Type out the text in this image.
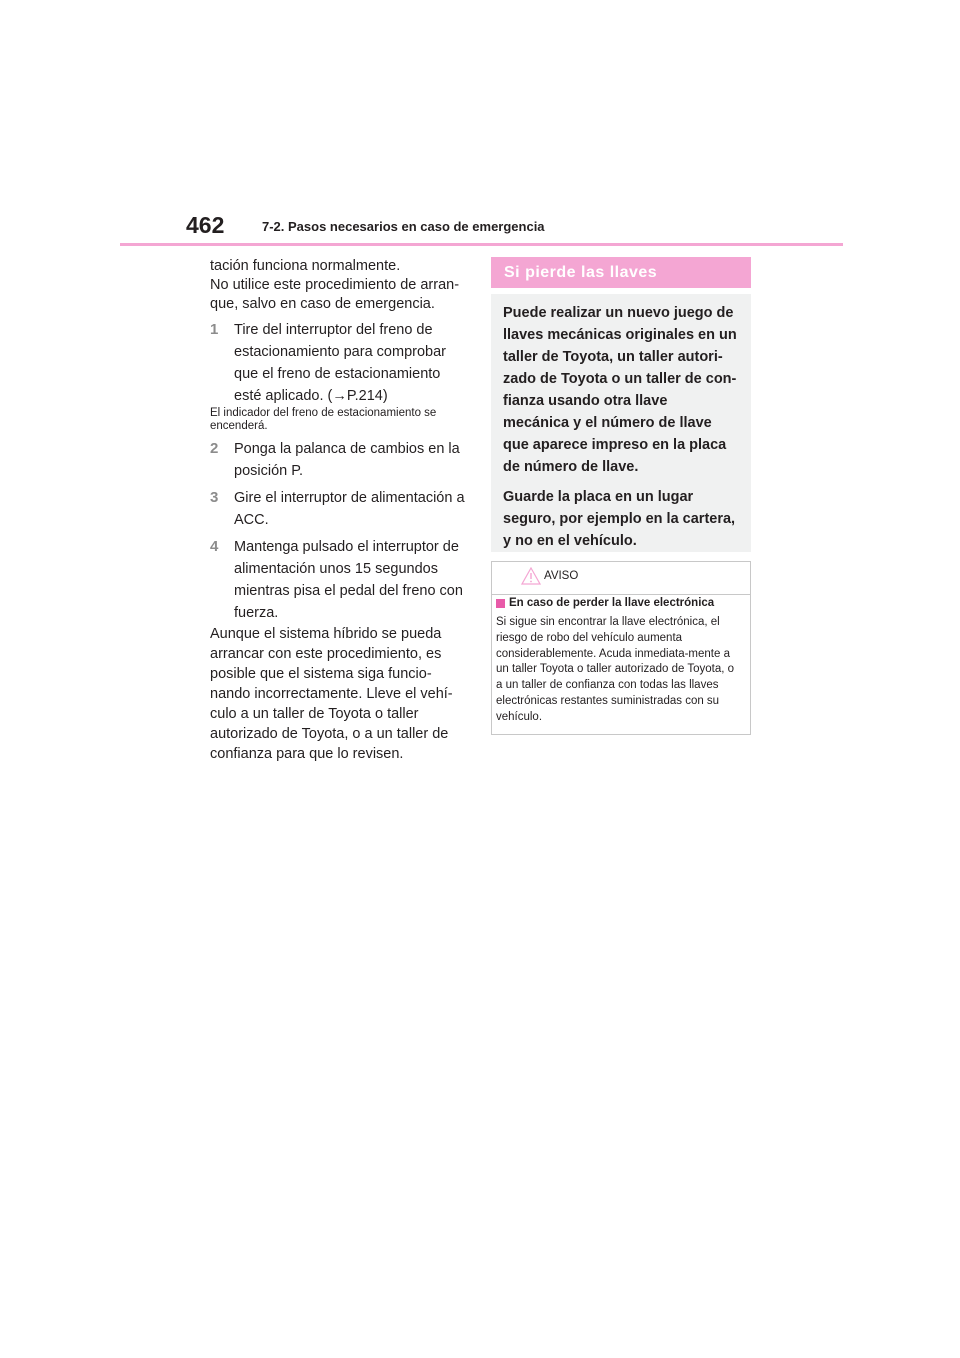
462	7-2. Pasos necesarios en caso de emergencia

tación funciona normalmente.

No utilice este procedimiento de arran-

que, salvo en caso de emergencia.

1	Tire del interruptor del freno de estacionamiento para comprobar que el freno de estacionamiento esté aplicado. (→P.214)

El indicador del freno de estacionamiento se encenderá.

2	Ponga la palanca de cambios en la posición P.
3	Gire el interruptor de alimentación a ACC.
4	Mantenga pulsado el interruptor de alimentación unos 15 segundos mientras pisa el pedal del freno con fuerza.

Aunque el sistema híbrido se pueda arrancar con este procedimiento, es posible que el sistema siga funcio-nando incorrectamente. Lleve el vehí-culo a un taller de Toyota o taller autorizado de Toyota, o a un taller de confianza para que lo revisen.

Si pierde las llaves

Puede realizar un nuevo juego de llaves mecánicas originales en un taller de Toyota, un taller autori-zado de Toyota o un taller de con-fianza usando otra llave mecánica y el número de llave que aparece impreso en la placa de número de llave.

Guarde la placa en un lugar seguro, por ejemplo en la cartera, y no en el vehículo.

AVISO
En caso de perder la llave electrónica
Si sigue sin encontrar la llave electrónica, el riesgo de robo del vehículo aumenta considerablemente. Acuda inmediata-mente a un taller Toyota o taller autorizado de Toyota, o a un taller de confianza con todas las llaves electrónicas restantes suministradas con su vehículo.
